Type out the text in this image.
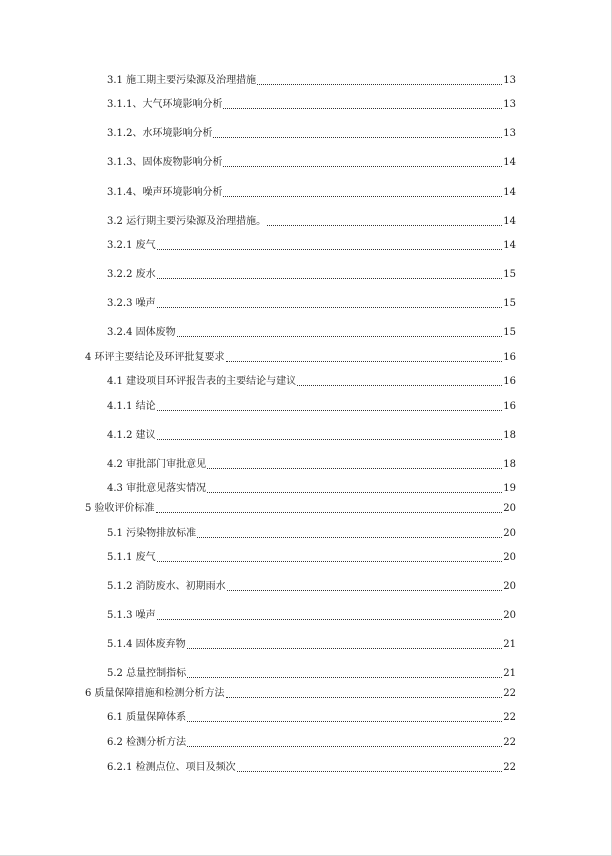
3.1 施工期主要污染源及治理措施	13
3.1.1、大气环境影响分析	13
3.1.2、水环境影响分析	13
3.1.3、固体废物影响分析	14
3.1.4、噪声环境影响分析	14
3.2 运行期主要污染源及治理措施。	14
3.2.1 废气	14
3.2.2 废水	15
3.2.3 噪声	15
3.2.4 固体废物	15
4 环评主要结论及环评批复要求	16
4.1 建设项目环评报告表的主要结论与建议	16
4.1.1 结论	16
4.1.2 建议	18
4.2 审批部门审批意见	18
4.3 审批意见落实情况	19
5 验收评价标准	20
5.1 污染物排放标准	20
5.1.1 废气	20
5.1.2 消防废水、初期雨水	20
5.1.3 噪声	20
5.1.4 固体废弃物	21
5.2 总量控制指标	21
6 质量保障措施和检测分析方法	22
6.1 质量保障体系	22
6.2 检测分析方法	22
6.2.1 检测点位、项目及频次	22
